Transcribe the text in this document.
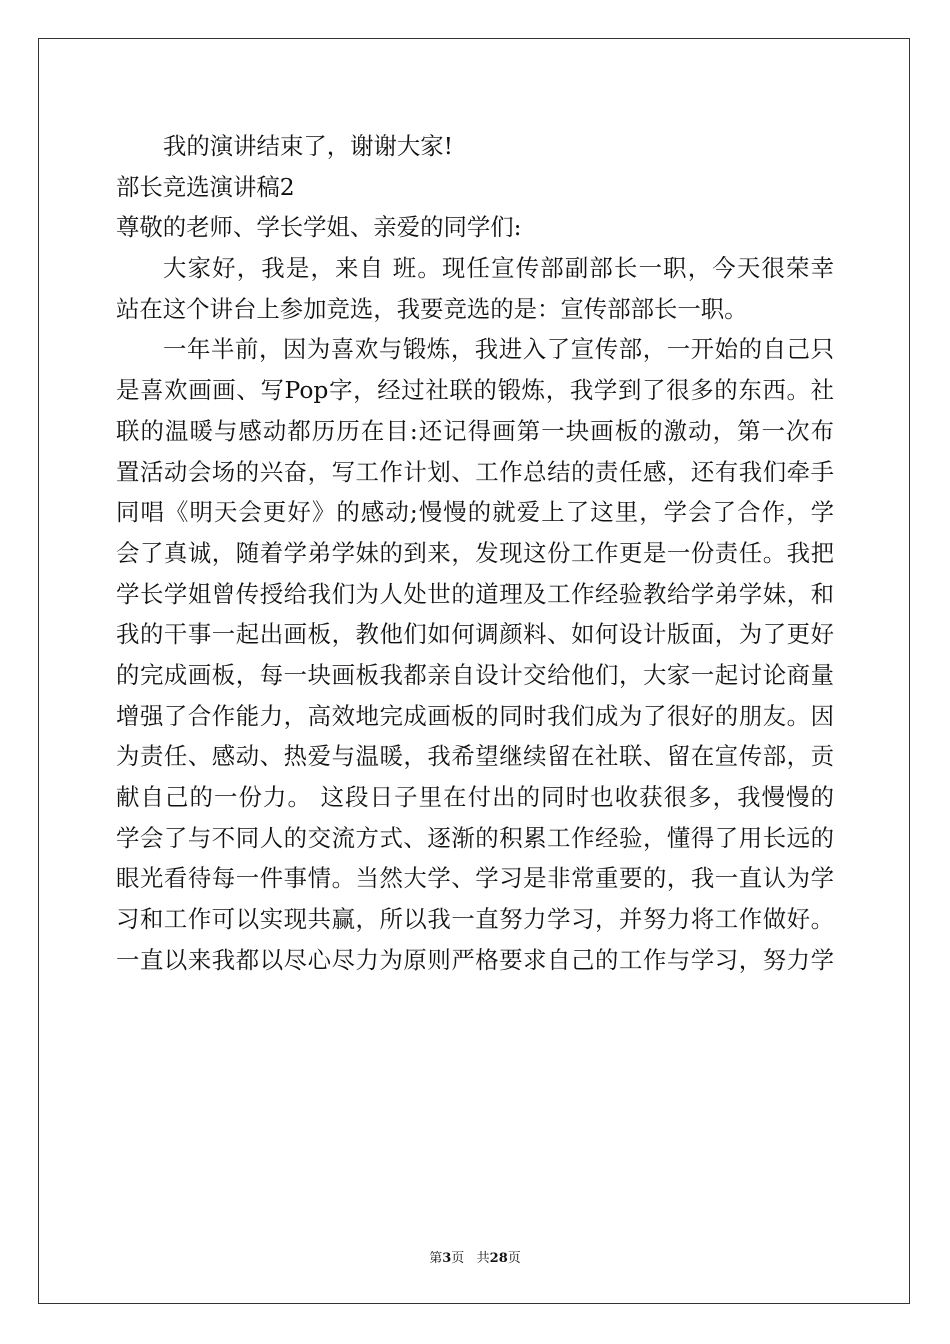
我的演讲结束了，谢谢大家!
部长竞选演讲稿2
尊敬的老师、学长学姐、亲爱的同学们:
大家好，我是，来自 班。现任宣传部副部长一职，今天很荣幸
站在这个讲台上参加竞选，我要竞选的是：宣传部部长一职。
一年半前，因为喜欢与锻炼，我进入了宣传部，一开始的自己只
是喜欢画画、写Pop字，经过社联的锻炼，我学到了很多的东西。社
联的温暖与感动都历历在目:还记得画第一块画板的激动，第一次布
置活动会场的兴奋，写工作计划、工作总结的责任感，还有我们牵手
同唱《明天会更好》的感动;慢慢的就爱上了这里，学会了合作，学
会了真诚，随着学弟学妹的到来，发现这份工作更是一份责任。我把
学长学姐曾传授给我们为人处世的道理及工作经验教给学弟学妹，和
我的干事一起出画板，教他们如何调颜料、如何设计版面，为了更好
的完成画板，每一块画板我都亲自设计交给他们，大家一起讨论商量
增强了合作能力，高效地完成画板的同时我们成为了很好的朋友。因
为责任、感动、热爱与温暖，我希望继续留在社联、留在宣传部，贡
献自己的一份力。 这段日子里在付出的同时也收获很多，我慢慢的
学会了与不同人的交流方式、逐渐的积累工作经验，懂得了用长远的
眼光看待每一件事情。当然大学、学习是非常重要的，我一直认为学
习和工作可以实现共赢，所以我一直努力学习，并努力将工作做好。
一直以来我都以尽心尽力为原则严格要求自己的工作与学习，努力学
第3页   共28页
